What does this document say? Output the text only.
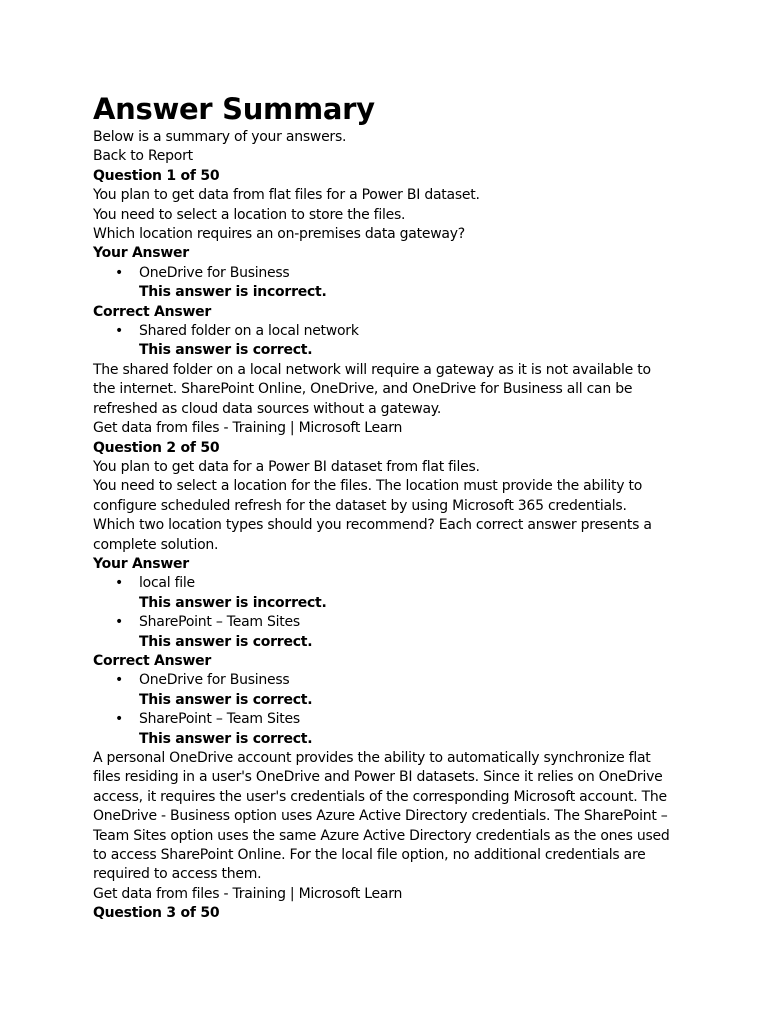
Answer Summary

Below is a summary of your answers.

Back to Report

Question 1 of 50

You plan to get data from flat files for a Power BI dataset.

You need to select a location to store the files.

Which location requires an on-premises data gateway?

Your Answer

• OneDrive for Business
This answer is incorrect.

Correct Answer

• Shared folder on a local network
This answer is correct.

The shared folder on a local network will require a gateway as it is not available to the internet. SharePoint Online, OneDrive, and OneDrive for Business all can be refreshed as cloud data sources without a gateway.

Get data from files - Training | Microsoft Learn

Question 2 of 50

You plan to get data for a Power BI dataset from flat files.

You need to select a location for the files. The location must provide the ability to configure scheduled refresh for the dataset by using Microsoft 365 credentials.

Which two location types should you recommend? Each correct answer presents a complete solution.

Your Answer

• local file
This answer is incorrect.
• SharePoint – Team Sites
This answer is correct.

Correct Answer

• OneDrive for Business
This answer is correct.
• SharePoint – Team Sites
This answer is correct.

A personal OneDrive account provides the ability to automatically synchronize flat files residing in a user's OneDrive and Power BI datasets. Since it relies on OneDrive access, it requires the user's credentials of the corresponding Microsoft account. The OneDrive - Business option uses Azure Active Directory credentials. The SharePoint – Team Sites option uses the same Azure Active Directory credentials as the ones used to access SharePoint Online. For the local file option, no additional credentials are required to access them.

Get data from files - Training | Microsoft Learn

Question 3 of 50
